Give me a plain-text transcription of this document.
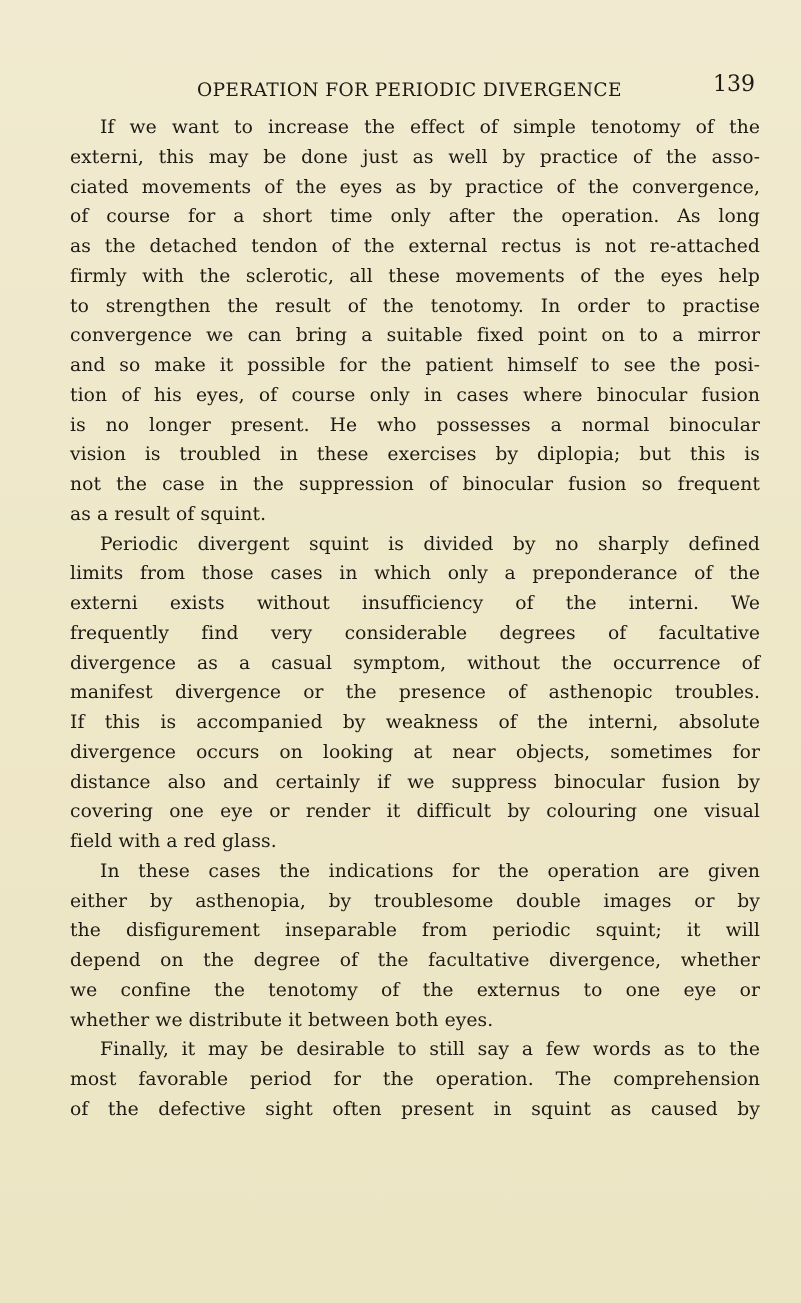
OPERATION FOR PERIODIC DIVERGENCE	139
If we want to increase the effect of simple tenotomy of the
externi, this may be done just as well by practice of the asso-
ciated movements of the eyes as by practice of the convergence,
of course for a short time only after the operation. As long
as the detached tendon of the external rectus is not re-attached
firmly with the sclerotic, all these movements of the eyes help
to strengthen the result of the tenotomy. In order to practise
convergence we can bring a suitable fixed point on to a mirror
and so make it possible for the patient himself to see the posi-
tion of his eyes, of course only in cases where binocular fusion
is no longer present. He who possesses a normal binocular
vision is troubled in these exercises by diplopia; but this is
not the case in the suppression of binocular fusion so frequent
as a result of squint.
Periodic divergent squint is divided by no sharply defined
limits from those cases in which only a preponderance of the
externi exists without insufficiency of the interni. We
frequently find very considerable degrees of facultative
divergence as a casual symptom, without the occurrence of
manifest divergence or the presence of asthenopic troubles.
If this is accompanied by weakness of the interni, absolute
divergence occurs on looking at near objects, sometimes for
distance also and certainly if we suppress binocular fusion by
covering one eye or render it difficult by colouring one visual
field with a red glass.
In these cases the indications for the operation are given
either by asthenopia, by troublesome double images or by
the disfigurement inseparable from periodic squint; it will
depend on the degree of the facultative divergence, whether
we confine the tenotomy of the externus to one eye or
whether we distribute it between both eyes.
Finally, it may be desirable to still say a few words as to the
most favorable period for the operation. The comprehension
of the defective sight often present in squint as caused by
